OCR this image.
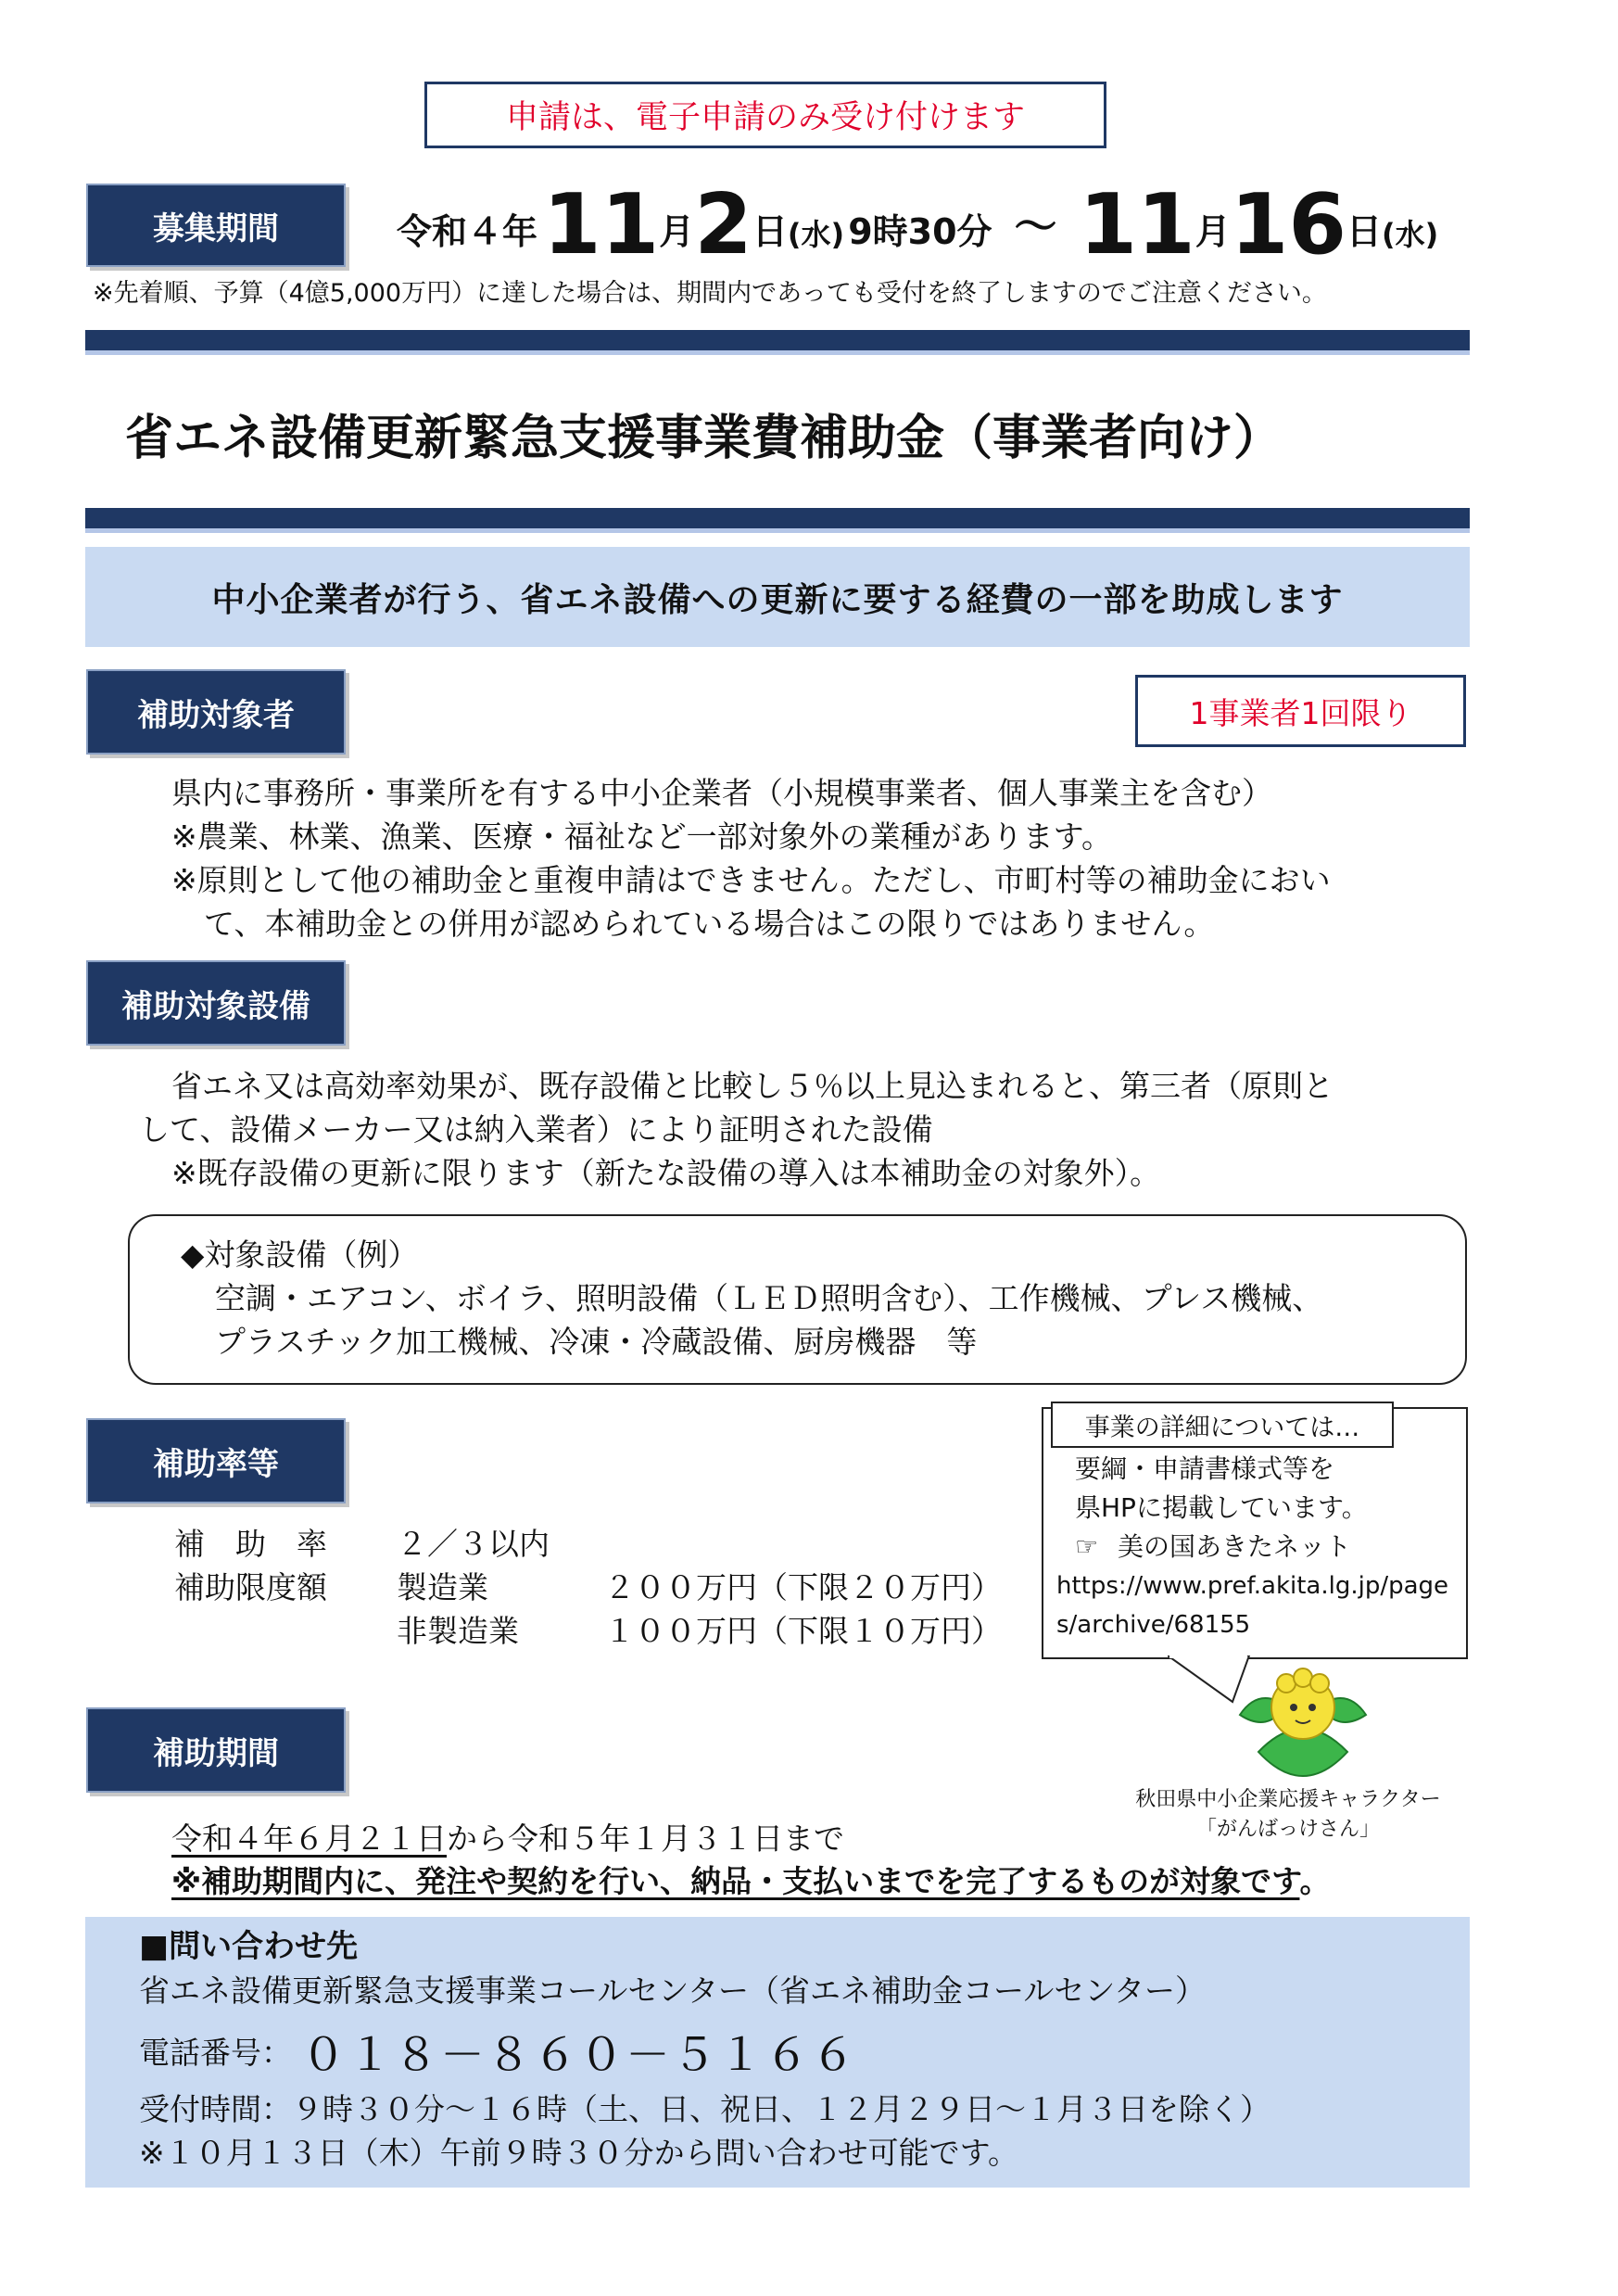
申請は、電子申請のみ受け付けます
募集期間	令和４年 11 月 2 日 (水) 9時30分 ～ 11 月 16 日 (水)
※先着順、予算（4億5,000万円）に達した場合は、期間内であっても受付を終了しますのでご注意ください。
省エネ設備更新緊急支援事業費補助金（事業者向け）
中小企業者が行う、省エネ設備への更新に要する経費の一部を助成します
補助対象者	1事業者1回限り
県内に事務所・事業所を有する中小企業者（小規模事業者、個人事業主を含む）
※農業、林業、漁業、医療・福祉など一部対象外の業種があります。
※原則として他の補助金と重複申請はできません。ただし、市町村等の補助金におい
て、本補助金との併用が認められている場合はこの限りではありません。
補助対象設備
省エネ又は高効率効果が、既存設備と比較し５％以上見込まれると、第三者（原則と
して、設備メーカー又は納入業者）により証明された設備
※既存設備の更新に限ります（新たな設備の導入は本補助金の対象外）。
◆対象設備（例）
空調・エアコン、ボイラ、照明設備（ＬＥＤ照明含む）、工作機械、プレス機械、
プラスチック加工機械、冷凍・冷蔵設備、厨房機器　等
補助率等
補　助　率 ２／３以内
補助限度額 製造業	２００万円（下限２０万円）
非製造業	１００万円（下限１０万円）
事業の詳細については…
要綱・申請書様式等を
県HPに掲載しています。
☞ 美の国あきたネット
https://www.pref.akita.lg.jp/page
s/archive/68155
秋田県中小企業応援キャラクター
「がんばっけさん」
補助期間
令和４年６月２１日から令和５年１月３１日まで
※補助期間内に、発注や契約を行い、納品・支払いまでを完了するものが対象です。
■問い合わせ先
省エネ設備更新緊急支援事業コールセンター（省エネ補助金コールセンター）
電話番号： ０１８－８６０－５１６６
受付時間：９時３０分～１６時（土、日、祝日、１２月２９日～１月３日を除く）
※１０月１３日（木）午前９時３０分から問い合わせ可能です。
